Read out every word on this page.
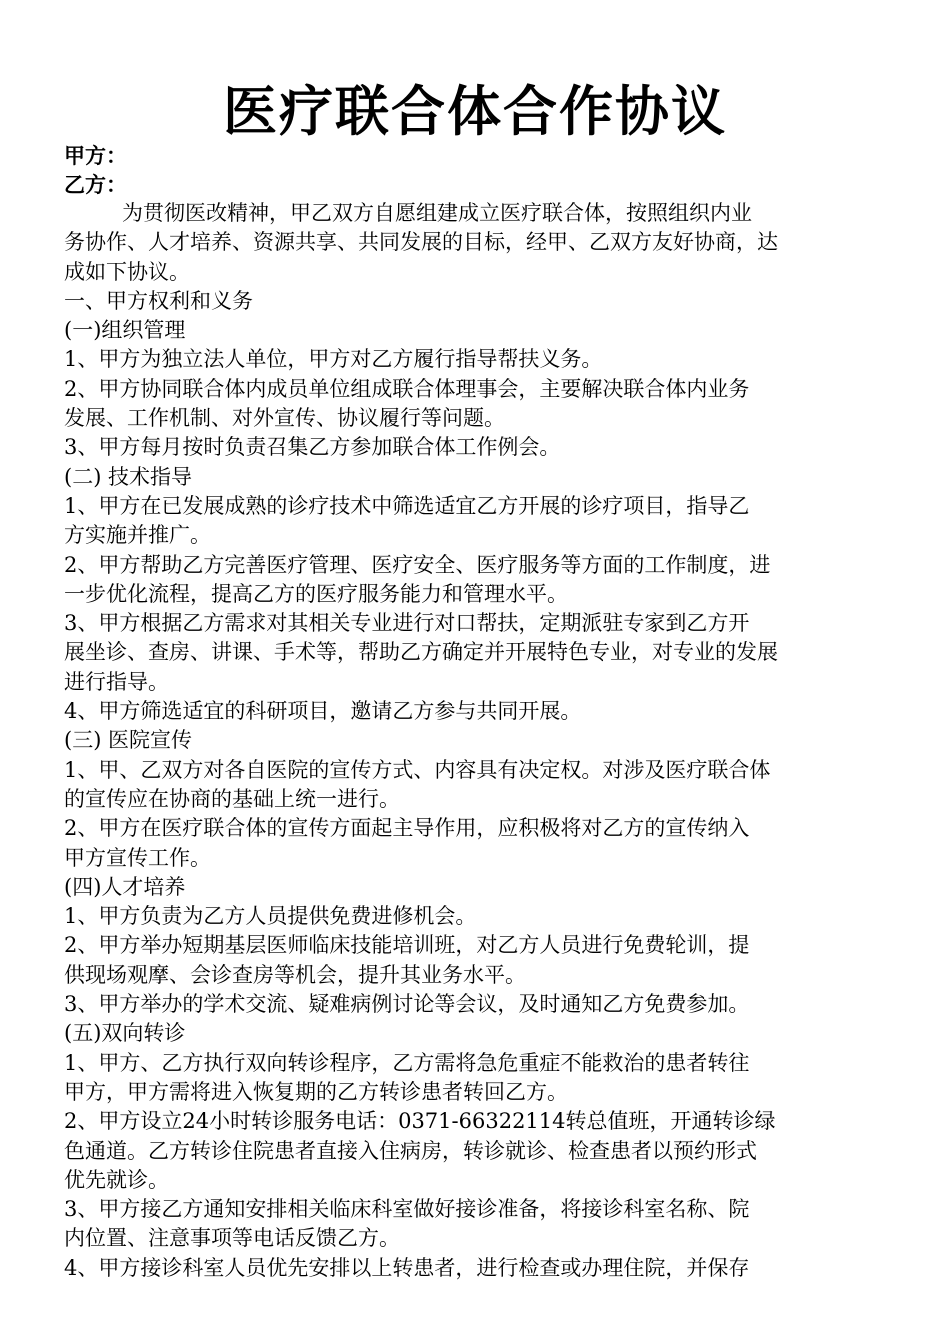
医疗联合体合作协议
甲方：
乙方：
为贯彻医改精神，甲乙双方自愿组建成立医疗联合体，按照组织内业
务协作、人才培养、资源共享、共同发展的目标，经甲、乙双方友好协商，达
成如下协议。
一、甲方权利和义务
(一)组织管理
1、甲方为独立法人单位，甲方对乙方履行指导帮扶义务。
2、甲方协同联合体内成员单位组成联合体理事会，主要解决联合体内业务
发展、工作机制、对外宣传、协议履行等问题。
3、甲方每月按时负责召集乙方参加联合体工作例会。
(二) 技术指导
1、甲方在已发展成熟的诊疗技术中筛选适宜乙方开展的诊疗项目，指导乙
方实施并推广。
2、甲方帮助乙方完善医疗管理、医疗安全、医疗服务等方面的工作制度，进
一步优化流程，提高乙方的医疗服务能力和管理水平。
3、甲方根据乙方需求对其相关专业进行对口帮扶，定期派驻专家到乙方开
展坐诊、查房、讲课、手术等，帮助乙方确定并开展特色专业，对专业的发展
进行指导。
4、甲方筛选适宜的科研项目，邀请乙方参与共同开展。
(三) 医院宣传
1、甲、乙双方对各自医院的宣传方式、内容具有决定权。对涉及医疗联合体
的宣传应在协商的基础上统一进行。
2、甲方在医疗联合体的宣传方面起主导作用，应积极将对乙方的宣传纳入
甲方宣传工作。
(四)人才培养
1、甲方负责为乙方人员提供免费进修机会。
2、甲方举办短期基层医师临床技能培训班，对乙方人员进行免费轮训，提
供现场观摩、会诊查房等机会，提升其业务水平。
3、甲方举办的学术交流、疑难病例讨论等会议，及时通知乙方免费参加。
(五)双向转诊
1、甲方、乙方执行双向转诊程序，乙方需将急危重症不能救治的患者转往
甲方，甲方需将进入恢复期的乙方转诊患者转回乙方。
2、甲方设立24小时转诊服务电话：0371-66322114转总值班，开通转诊绿
色通道。乙方转诊住院患者直接入住病房，转诊就诊、检查患者以预约形式
优先就诊。
3、甲方接乙方通知安排相关临床科室做好接诊准备，将接诊科室名称、院
内位置、注意事项等电话反馈乙方。
4、甲方接诊科室人员优先安排以上转患者，进行检查或办理住院，并保存
